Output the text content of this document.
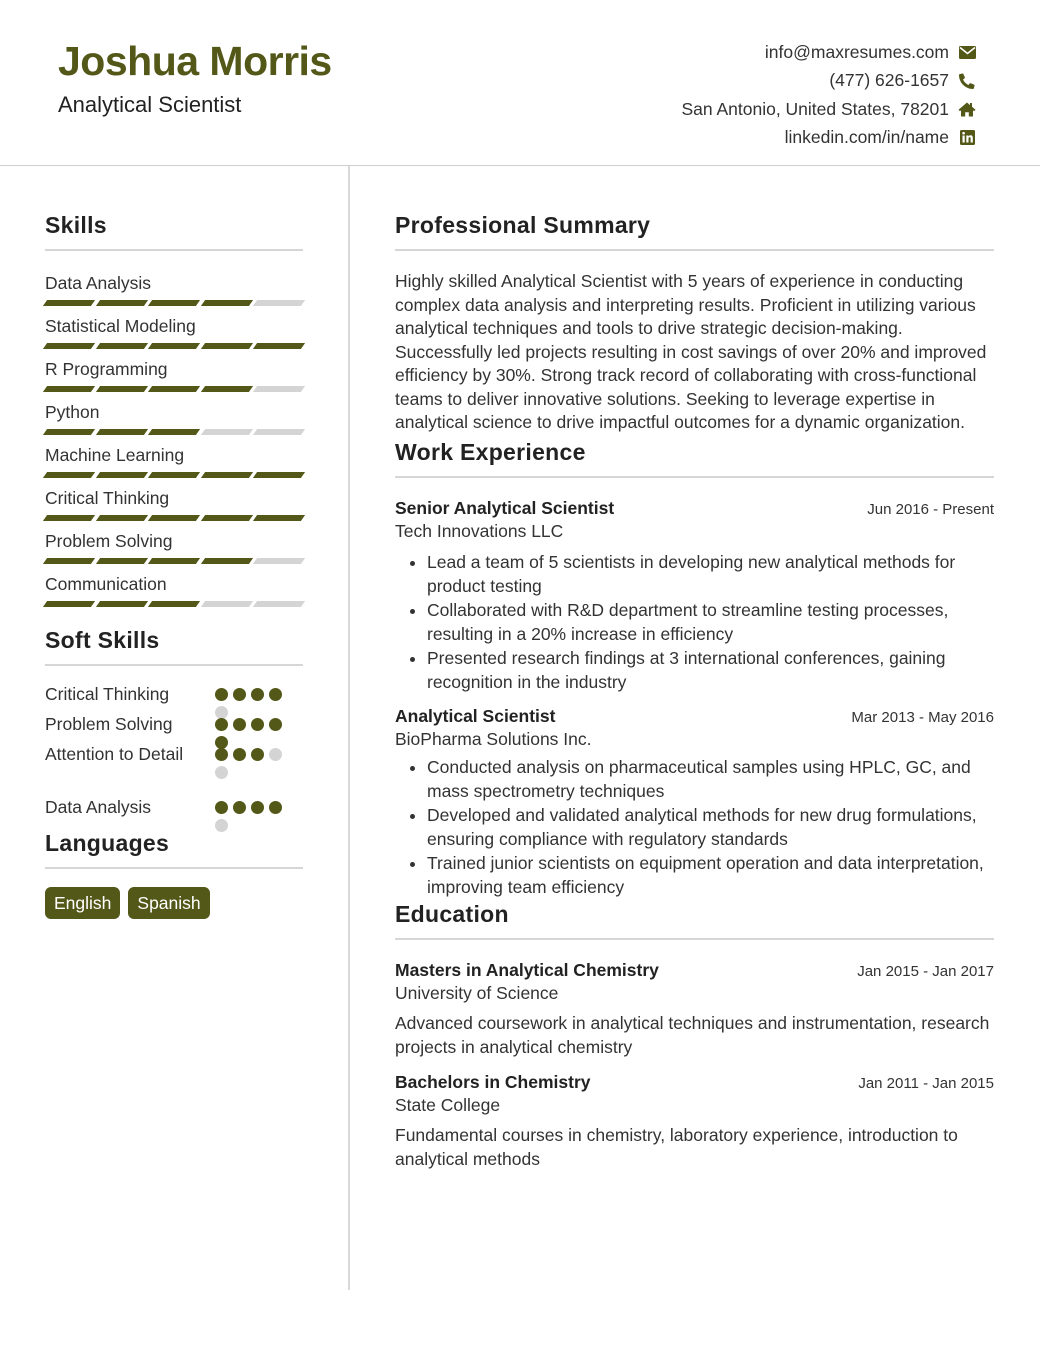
Joshua Morris
Analytical Scientist
info@maxresumes.com
(477) 626-1657
San Antonio, United States, 78201
linkedin.com/in/name
Skills
Data Analysis
Statistical Modeling
R Programming
Python
Machine Learning
Critical Thinking
Problem Solving
Communication
Soft Skills
Critical Thinking
Problem Solving
Attention to Detail
Data Analysis
Languages
English	Spanish
Professional Summary
Highly skilled Analytical Scientist with 5 years of experience in conducting complex data analysis and interpreting results. Proficient in utilizing various analytical techniques and tools to drive strategic decision-making. Successfully led projects resulting in cost savings of over 20% and improved efficiency by 30%. Strong track record of collaborating with cross-functional teams to deliver innovative solutions. Seeking to leverage expertise in analytical science to drive impactful outcomes for a dynamic organization.
Work Experience
Senior Analytical Scientist	Jun 2016 - Present
Tech Innovations LLC
• Lead a team of 5 scientists in developing new analytical methods for product testing
• Collaborated with R&D department to streamline testing processes, resulting in a 20% increase in efficiency
• Presented research findings at 3 international conferences, gaining recognition in the industry
Analytical Scientist	Mar 2013 - May 2016
BioPharma Solutions Inc.
• Conducted analysis on pharmaceutical samples using HPLC, GC, and mass spectrometry techniques
• Developed and validated analytical methods for new drug formulations, ensuring compliance with regulatory standards
• Trained junior scientists on equipment operation and data interpretation, improving team efficiency
Education
Masters in Analytical Chemistry	Jan 2015 - Jan 2017
University of Science
Advanced coursework in analytical techniques and instrumentation, research projects in analytical chemistry
Bachelors in Chemistry	Jan 2011 - Jan 2015
State College
Fundamental courses in chemistry, laboratory experience, introduction to analytical methods
